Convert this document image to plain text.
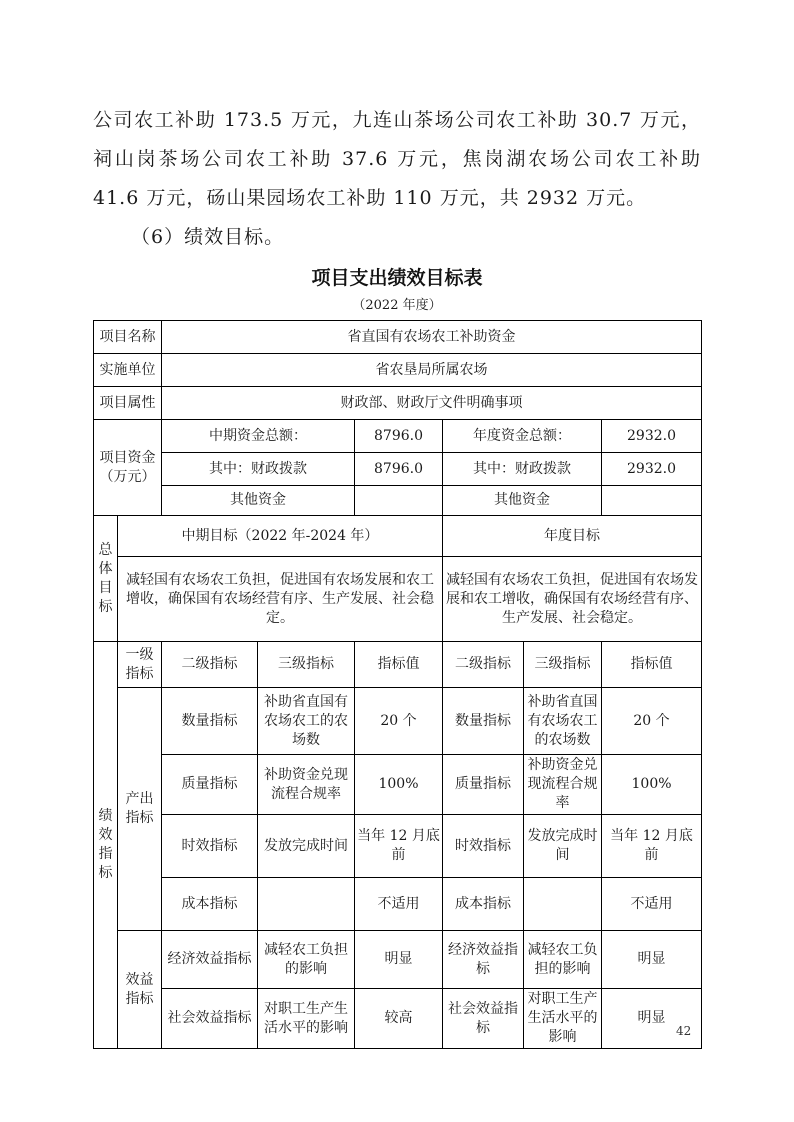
公司农工补助 173.5 万元，九连山茶场公司农工补助 30.7 万元，祠山岗茶场公司农工补助 37.6 万元，焦岗湖农场公司农工补助 41.6 万元，砀山果园场农工补助 110 万元，共 2932 万元。

（6）绩效目标。

项目支出绩效目标表
（2022 年度）
项目名称		省直国有农场农工补助资金					
实施单位		省农垦局所属农场					
项目属性		财政部、财政厅文件明确事项					
项目资金（万元）		中期资金总额：		8796.0	年度资金总额：		2932.0
		其中：财政拨款		8796.0	其中：财政拨款		2932.0
		其他资金			其他资金		
总体目标	中期目标（2022 年-2024 年）				年度目标		
	减轻国有农场农工负担，促进国有农场发展和农工增收，确保国有农场经营有序、生产发展、社会稳定。				减轻国有农场农工负担，促进国有农场发展和农工增收，确保国有农场经营有序、生产发展、社会稳定。		
绩效指标	一级指标	二级指标	三级指标	指标值	二级指标	三级指标	指标值
	产出指标	数量指标	补助省直国有农场农工的农场数	20 个	数量指标	补助省直国有农场农工的农场数	20 个
		质量指标	补助资金兑现流程合规率	100%	质量指标	补助资金兑现流程合规率	100%
		时效指标	发放完成时间	当年 12 月底前	时效指标	发放完成时间	当年 12 月底前
		成本指标		不适用	成本指标		不适用
	效益指标	经济效益指标	减轻农工负担的影响	明显	经济效益指标	减轻农工负担的影响	明显
		社会效益指标	对职工生产生活水平的影响	较高	社会效益指标	对职工生产生活水平的影响	明显
42
